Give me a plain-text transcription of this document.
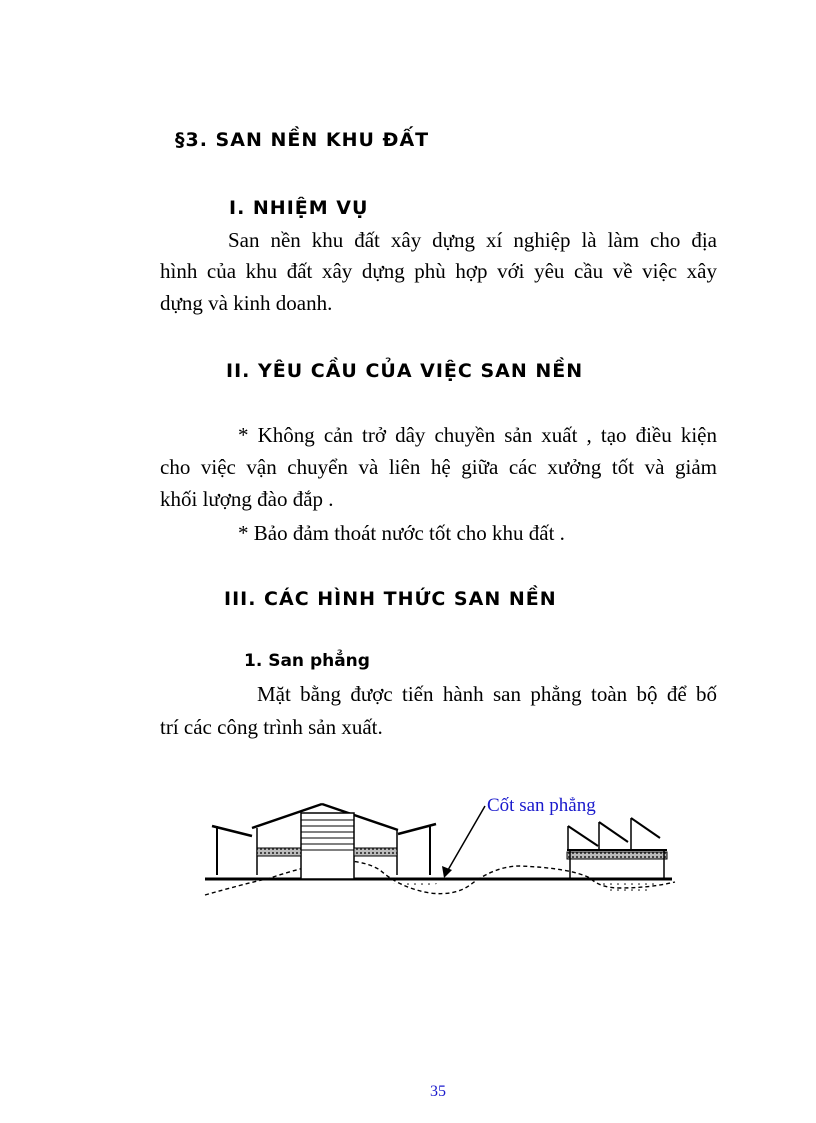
§3. SAN NỀN KHU ĐẤT
I. NHIỆM VỤ
San nền khu đất xây dựng xí nghiệp là làm cho địa
hình của khu đất xây dựng phù hợp với yêu cầu về việc xây
dựng và kinh doanh.
II. YÊU CẦU CỦA VIỆC SAN NỀN
* Không cản trở dây chuyền sản xuất , tạo điều kiện
cho việc vận chuyển và liên hệ giữa các xưởng tốt và giảm
khối lượng đào đắp .
* Bảo đảm thoát nước tốt cho khu đất .
III. CÁC HÌNH THỨC SAN NỀN
1. San phẳng
Mặt bằng được tiến hành san phẳng toàn bộ để bố
trí các công trình sản xuất.
Cốt san phẳng
35
